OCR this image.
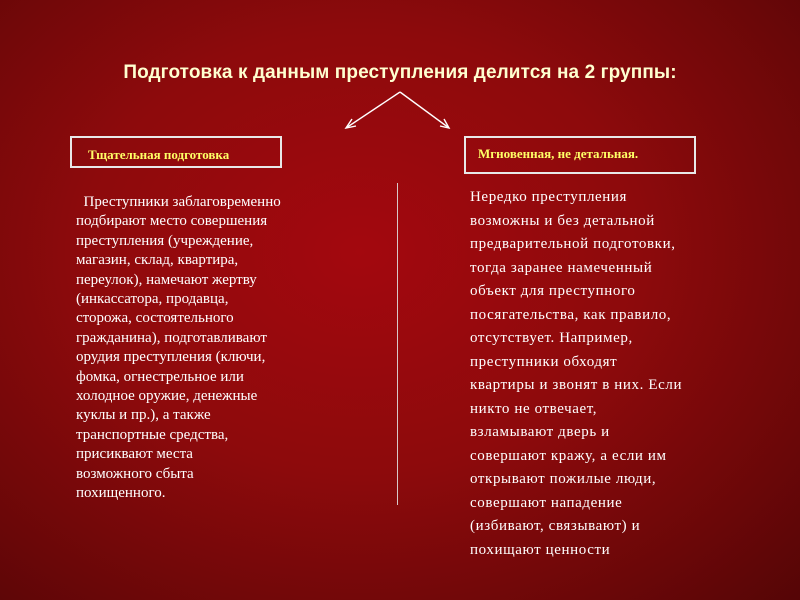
Подготовка к данным преступления делится на 2 группы:
Тщательная подготовка	Мгновенная, не детальная.
Преступники заблаговременно
подбирают место совершения
преступления (учреждение,
магазин, склад, квартира,
переулок), намечают жертву
(инкассатора, продавца,
сторожа, состоятельного
гражданина), подготавливают
орудия преступления (ключи,
фомка, огнестрельное или
холодное оружие, денежные
куклы и пр.), а также
транспортные средства,
присиквают места
возможного сбыта
похищенного.
Нередко преступления
возможны и без детальной
предварительной подготовки,
тогда заранее намеченный
объект для преступного
посягательства, как правило,
отсутствует. Например,
преступники обходят
квартиры и звонят в них. Если
никто не отвечает,
взламывают дверь и
совершают кражу, а если им
открывают пожилые люди,
совершают нападение
(избивают, связывают) и
похищают ценности
